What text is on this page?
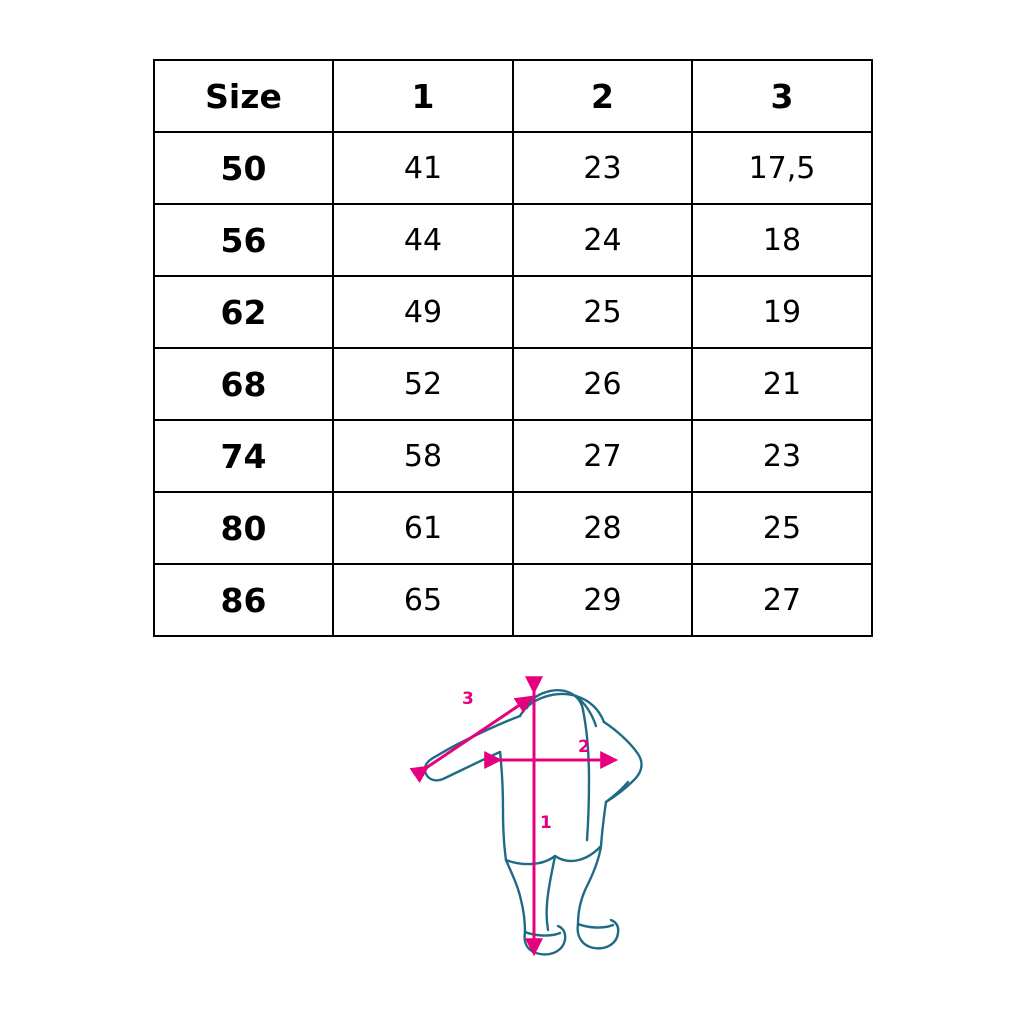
Size	1	2	3
50	41	23	17,5
56	44	24	18
62	49	25	19
68	52	26	21
74	58	27	23
80	61	28	25
86	65	29	27
1
2
3
